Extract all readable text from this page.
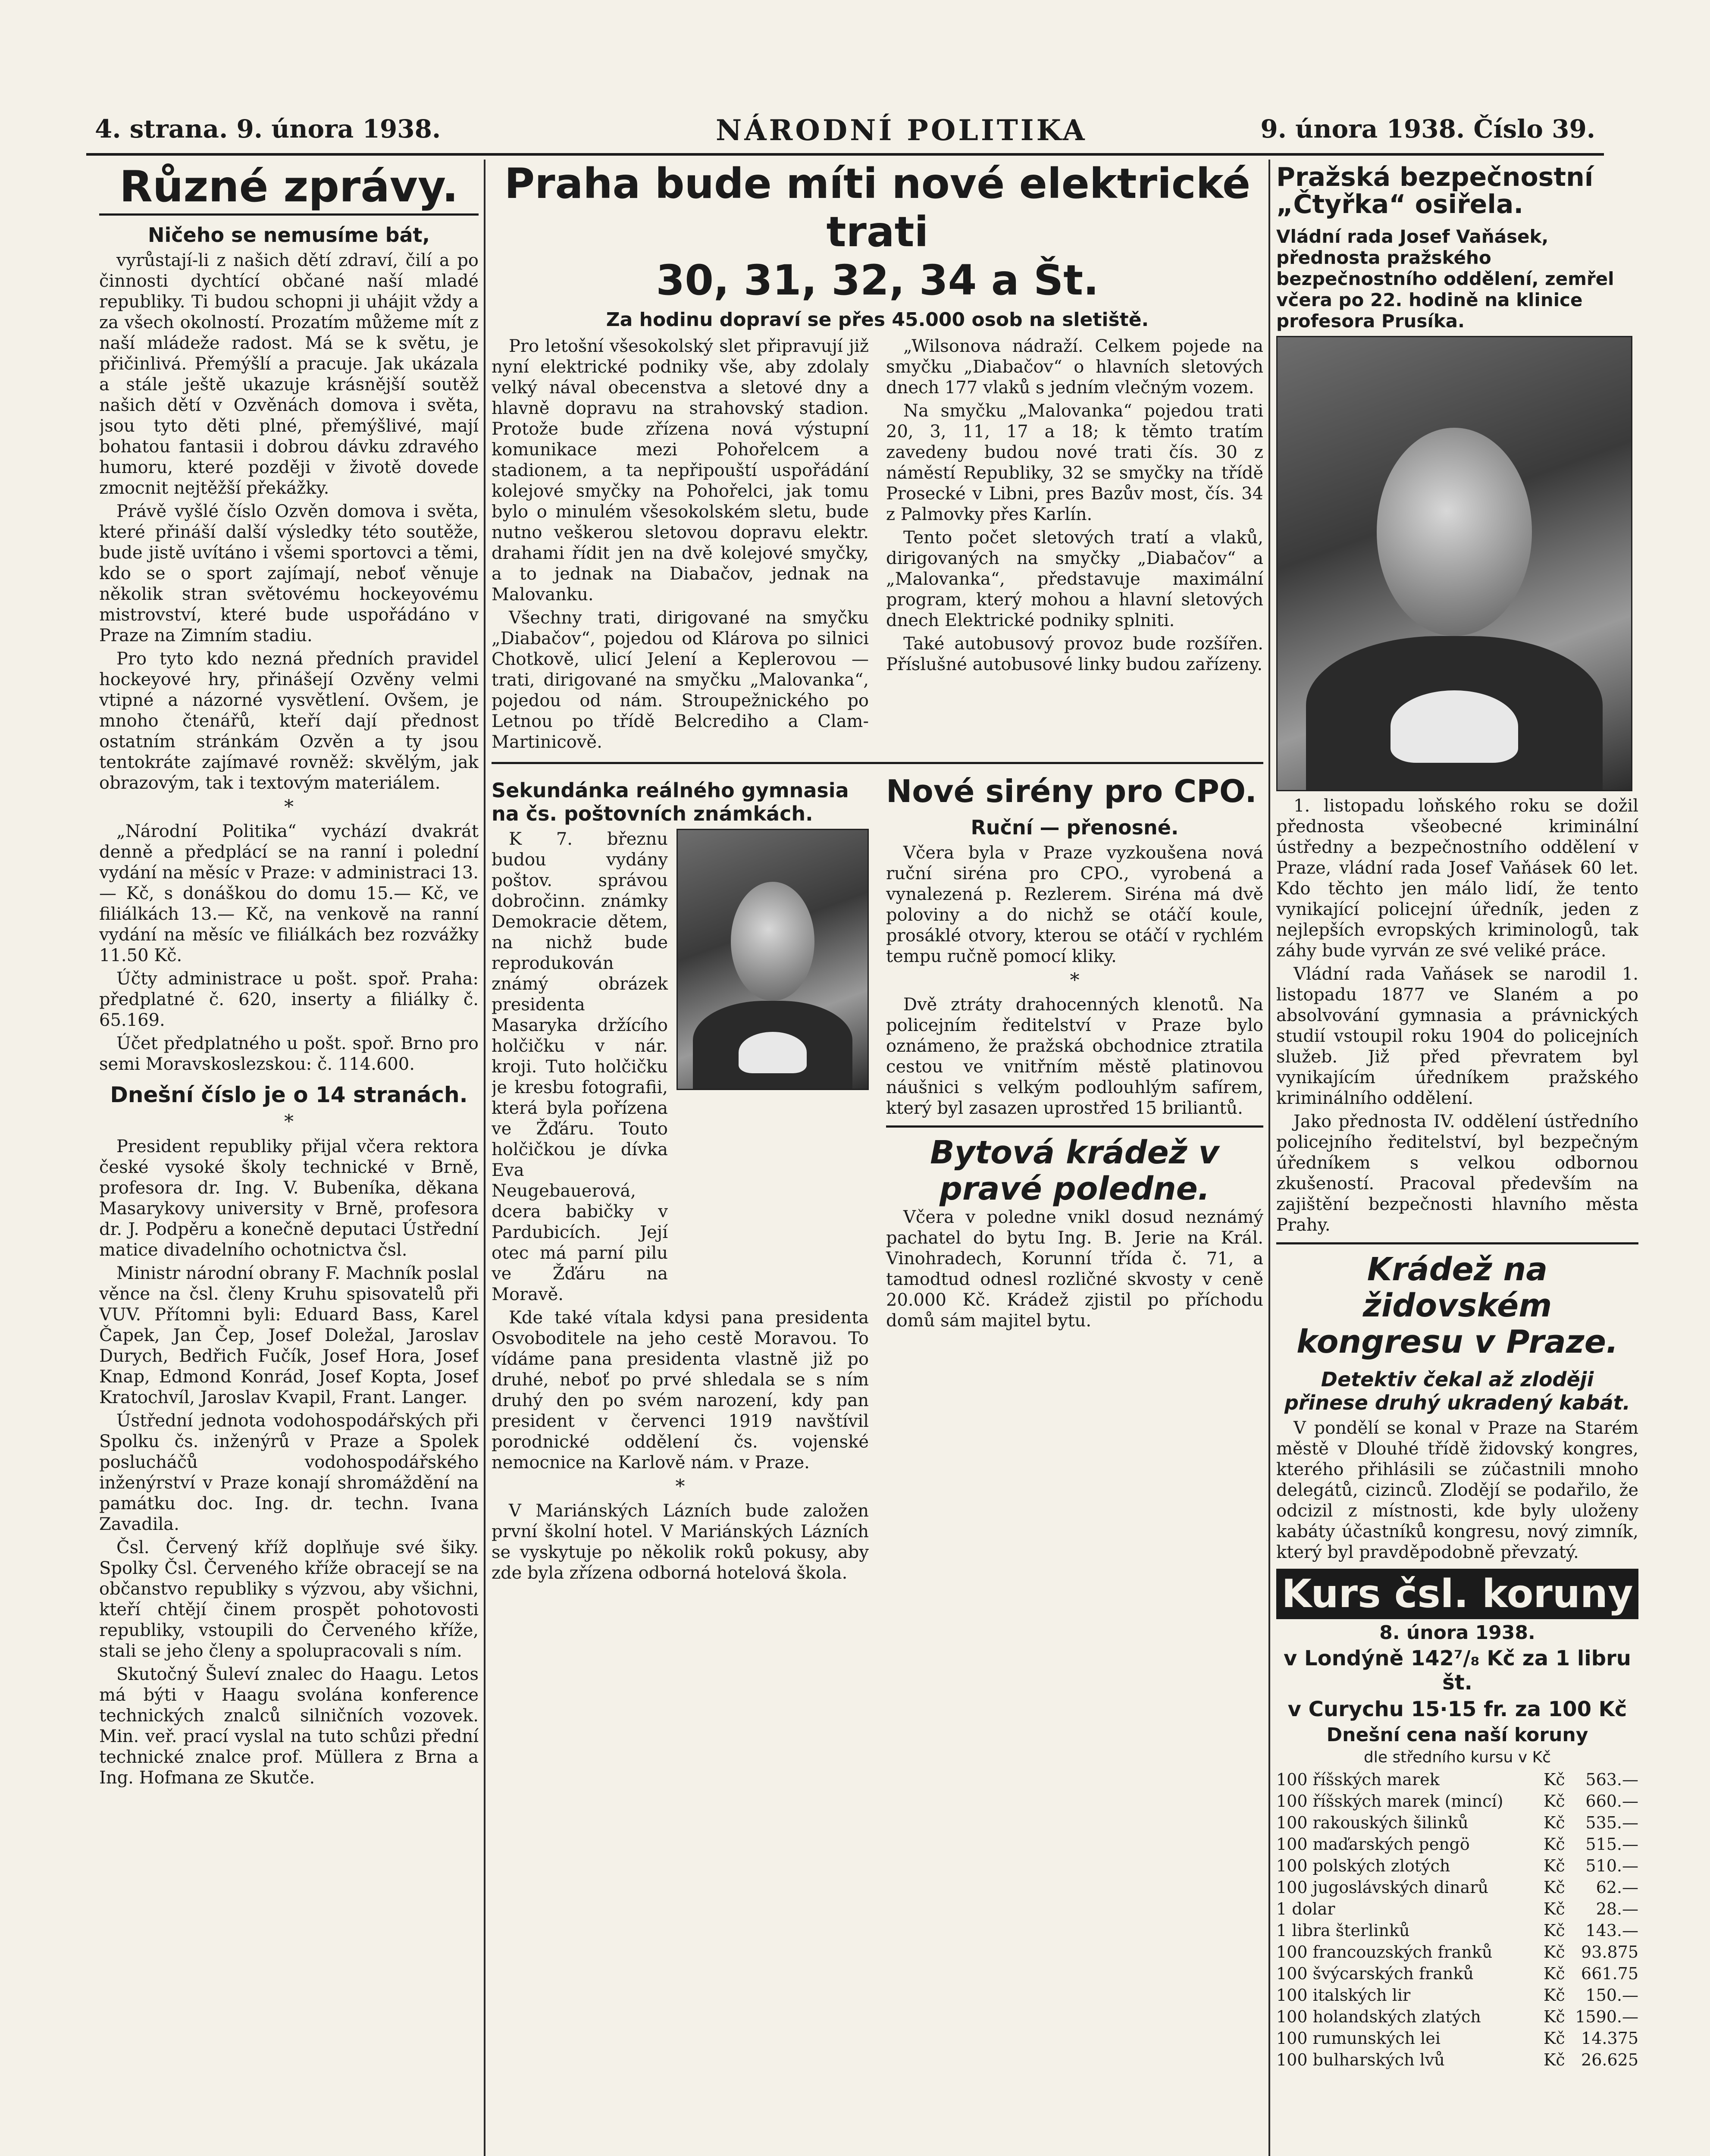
4. strana. 9. února 1938.	NÁRODNÍ POLITIKA	9. února 1938. Číslo 39.
Různé zprávy.
Ničeho se nemusíme bát,

vyrůstají-li z našich dětí zdraví, čilí a po činnosti dychtící občané naší mladé republiky. Ti budou schopni ji uhájit vždy a za všech okolností. Prozatím můžeme mít z naší mládeže radost. Má se k světu, je přičinlivá. Přemýšlí a pracuje. Jak ukázala a stále ještě ukazuje krásnější soutěž našich dětí v Ozvěnách domova i světa, jsou tyto děti plné, přemýšlivé, mají bohatou fantasii i dobrou dávku zdravého humoru, které později v životě dovede zmocnit nejtěžší překážky.

Právě vyšlé číslo Ozvěn domova i světa, které přináší další výsledky této soutěže, bude jistě uvítáno i všemi sportovci a těmi, kdo se o sport zajímají, neboť věnuje několik stran světovému hockeyovému mistrovství, které bude uspořádáno v Praze na Zimním stadiu.

Pro tyto kdo nezná předních pravidel hockeyové hry, přinášejí Ozvěny velmi vtipné a názorné vysvětlení. Ovšem, je mnoho čtenářů, kteří dají přednost ostatním stránkám Ozvěn a ty jsou tentokráte zajímavé rovněž: skvělým, jak obrazovým, tak i textovým materiálem.

*

„Národní Politika“ vychází dvakrát denně a předplácí se na ranní i polední vydání na měsíc v Praze: v administraci 13.— Kč, s donáškou do domu 15.— Kč, ve filiálkách 13.— Kč, na venkově na ranní vydání na měsíc ve filiálkách bez rozvážky 11.50 Kč.

Účty administrace u pošt. spoř. Praha: předplatné č. 620, inserty a filiálky č. 65.169.

Účet předplatného u pošt. spoř. Brno pro semi Moravskoslezskou: č. 114.600.

Dnešní číslo je o 14 stranách.
*

President republiky přijal včera rektora české vysoké školy technické v Brně, profesora dr. Ing. V. Bubeníka, děkana Masarykovy university v Brně, profesora dr. J. Podpěru a konečně deputaci Ústřední matice divadelního ochotnictva čsl.

Ministr národní obrany F. Machník poslal věnce na čsl. členy Kruhu spisovatelů při VUV. Přítomni byli: Eduard Bass, Karel Čapek, Jan Čep, Josef Doležal, Jaroslav Durych, Bedřich Fučík, Josef Hora, Josef Knap, Edmond Konrád, Josef Kopta, Josef Kratochvíl, Jaroslav Kvapil, Frant. Langer.

Ústřední jednota vodohospodářských při Spolku čs. inženýrů v Praze a Spolek poslucháčů vodohospodářského inženýrství v Praze konají shromáždění na památku doc. Ing. dr. techn. Ivana Zavadila.

Čsl. Červený kříž doplňuje své šiky. Spolky Čsl. Červeného kříže obracejí se na občanstvo republiky s výzvou, aby všichni, kteří chtějí činem prospět pohotovosti republiky, vstoupili do Červeného kříže, stali se jeho členy a spolupracovali s ním.

Skutočný Šuleví znalec do Haagu. Letos má býti v Haagu svolána konference technických znalců silničních vozovek. Min. veř. prací vyslal na tuto schůzi přední technické znalce prof. Müllera z Brna a Ing. Hofmana ze Skutče.

Praha bude míti nové elektrické trati
30, 31, 32, 34 a Št.
Za hodinu dopraví se přes 45.000 osob na sletiště.

Pro letošní všesokolský slet připravují již nyní elektrické podniky vše, aby zdolaly velký nával obecenstva a sletové dny a hlavně dopravu na strahovský stadion. Protože bude zřízena nová výstupní komunikace mezi Pohořelcem a stadionem, a ta nepřipouští uspořádání kolejové smyčky na Pohořelci, jak tomu bylo o minulém všesokolském sletu, bude nutno veškerou sletovou dopravu elektr. drahami řídit jen na dvě kolejové smyčky, a to jednak na Diabačov, jednak na Malovanku.

Všechny trati, dirigované na smyčku „Diabačov“, pojedou od Klárova po silnici Chotkově, ulicí Jelení a Keplerovou — trati, dirigované na smyčku „Malovanka“, pojedou od nám. Stroupežnického po Letnou po třídě Belcrediho a Clam-Martinicově.

„Wilsonova nádraží. Celkem pojede na smyčku „Diabačov“ o hlavních sletových dnech 177 vlaků s jedním vlečným vozem.

Na smyčku „Malovanka“ pojedou trati 20, 3, 11, 17 a 18; k těmto tratím zavedeny budou nové trati čís. 30 z náměstí Republiky, 32 se smyčky na třídě Prosecké v Libni, pres Bazův most, čís. 34 z Palmovky přes Karlín.

Tento počet sletových tratí a vlaků, dirigovaných na smyčky „Diabačov“ a „Malovanka“, představuje maximální program, který mohou a hlavní sletových dnech Elektrické podniky splniti.

Také autobusový provoz bude rozšířen. Příslušné autobusové linky budou zařízeny.

Sekundánka reálného gymnasia na čs. poštovních známkách.

K 7. březnu budou vydány poštov. správou dobročinn. známky Demokracie dětem, na nichž bude reprodukován známý obrázek presidenta Masaryka držícího holčičku v nár. kroji. Tuto holčičku je kresbu fotografii, která byla pořízena ve Žďáru. Touto holčičkou je dívka Eva Neugebauerová, dcera babičky v Pardubicích. Její otec má parní pilu ve Žďáru na Moravě.

Kde také vítala kdysi pana presidenta Osvoboditele na jeho cestě Moravou. To vídáme pana presidenta vlastně již po druhé, neboť po prvé shledala se s ním druhý den po svém narození, kdy pan president v červenci 1919 navštívil porodnické oddělení čs. vojenské nemocnice na Karlově nám. v Praze.

*

V Mariánských Lázních bude založen první školní hotel. V Mariánských Lázních se vyskytuje po několik roků pokusy, aby zde byla zřízena odborná hotelová škola.

Nové sirény pro CPO.
Ruční — přenosné.

Včera byla v Praze vyzkoušena nová ruční siréna pro CPO., vyrobená a vynalezená p. Rezlerem. Siréna má dvě poloviny a do nichž se otáčí koule, prosáklé otvory, kterou se otáčí v rychlém tempu ručně pomocí kliky.

*

Dvě ztráty drahocenných klenotů. Na policejním ředitelství v Praze bylo oznámeno, že pražská obchodnice ztratila cestou ve vnitřním městě platinovou náušnici s velkým podlouhlým safírem, který byl zasazen uprostřed 15 briliantů.

Bytová krádež v pravé poledne.

Včera v poledne vnikl dosud neznámý pachatel do bytu Ing. B. Jerie na Král. Vinohradech, Korunní třída č. 71, a tamodtud odnesl rozličné skvosty v ceně 20.000 Kč. Krádež zjistil po příchodu domů sám majitel bytu.

Pražská bezpečnostní „Čtyřka“ osiřela.
Vládní rada Josef Vaňásek, přednosta pražského bezpečnostního oddělení, zemřel včera po 22. hodině na klinice profesora Prusíka.

1. listopadu loňského roku se dožil přednosta všeobecné kriminální ústředny a bezpečnostního oddělení v Praze, vládní rada Josef Vaňásek 60 let. Kdo těchto jen málo lidí, že tento vynikající policejní úředník, jeden z nejlepších evropských kriminologů, tak záhy bude vyrván ze své veliké práce.

Vládní rada Vaňásek se narodil 1. listopadu 1877 ve Slaném a po absolvování gymnasia a právnických studií vstoupil roku 1904 do policejních služeb. Již před převratem byl vynikajícím úředníkem pražského kriminálního oddělení.

Jako přednosta IV. oddělení ústředního policejního ředitelství, byl bezpečným úředníkem s velkou odbornou zkušeností. Pracoval především na zajištění bezpečnosti hlavního města Prahy.

Krádež na židovském kongresu v Praze.
Detektiv čekal až zloději přinese druhý ukradený kabát.

V pondělí se konal v Praze na Starém městě v Dlouhé třídě židovský kongres, kterého přihlásili se zúčastnili mnoho delegátů, cizinců. Zlodějí se podařilo, že odcizil z místnosti, kde byly uloženy kabáty účastníků kongresu, nový zimník, který byl pravděpodobně převzatý.

Kurs čsl. koruny
8. února 1938.
v Londýně 142⁷/₈ Kč za 1 libru št.
v Curychu 15·15 fr. za 100 Kč
Dnešní cena naší koruny
dle středního kursu v Kč
100 říšských marek	Kč	563.—
100 říšských marek (mincí)	Kč	660.—
100 rakouských šilinků	Kč	535.—
100 maďarských pengö	Kč	515.—
100 polských zlotých	Kč	510.—
100 jugoslávských dinarů	Kč	62.—
1 dolar	Kč	28.—
1 libra šterlinků	Kč	143.—
100 francouzských franků	Kč 93.875
100 švýcarských franků	Kč 661.75
100 italských lir	Kč	150.—
100 holandských zlatých	Kč 1590.—
100 rumunských lei	Kč 14.375
100 bulharských lvů	Kč 26.625
